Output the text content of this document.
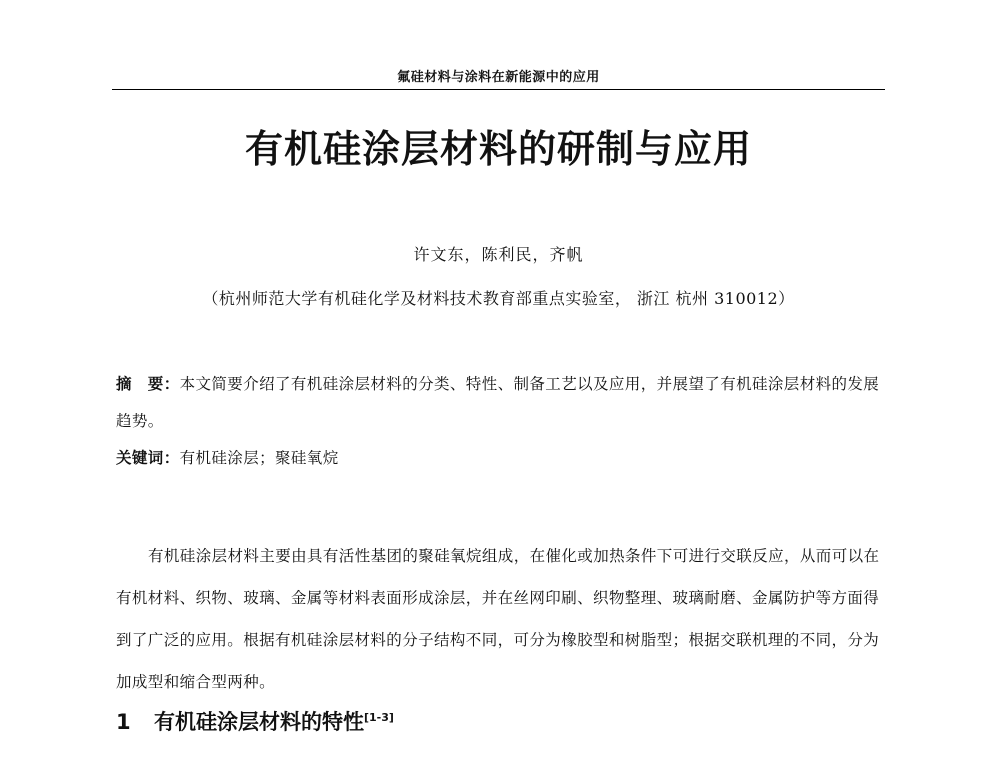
氟硅材料与涂料在新能源中的应用
有机硅涂层材料的研制与应用
许文东，陈利民，齐帆
（杭州师范大学有机硅化学及材料技术教育部重点实验室， 浙江 杭州 310012）

摘　要：本文简要介绍了有机硅涂层材料的分类、特性、制备工艺以及应用，并展望了有机硅涂层材料的发展趋势。

关键词：有机硅涂层；聚硅氧烷

有机硅涂层材料主要由具有活性基团的聚硅氧烷组成，在催化或加热条件下可进行交联反应，从而可以在有机材料、织物、玻璃、金属等材料表面形成涂层，并在丝网印刷、织物整理、玻璃耐磨、金属防护等方面得到了广泛的应用。根据有机硅涂层材料的分子结构不同，可分为橡胶型和树脂型；根据交联机理的不同，分为加成型和缩合型两种。

1 有机硅涂层材料的特性[1-3]
